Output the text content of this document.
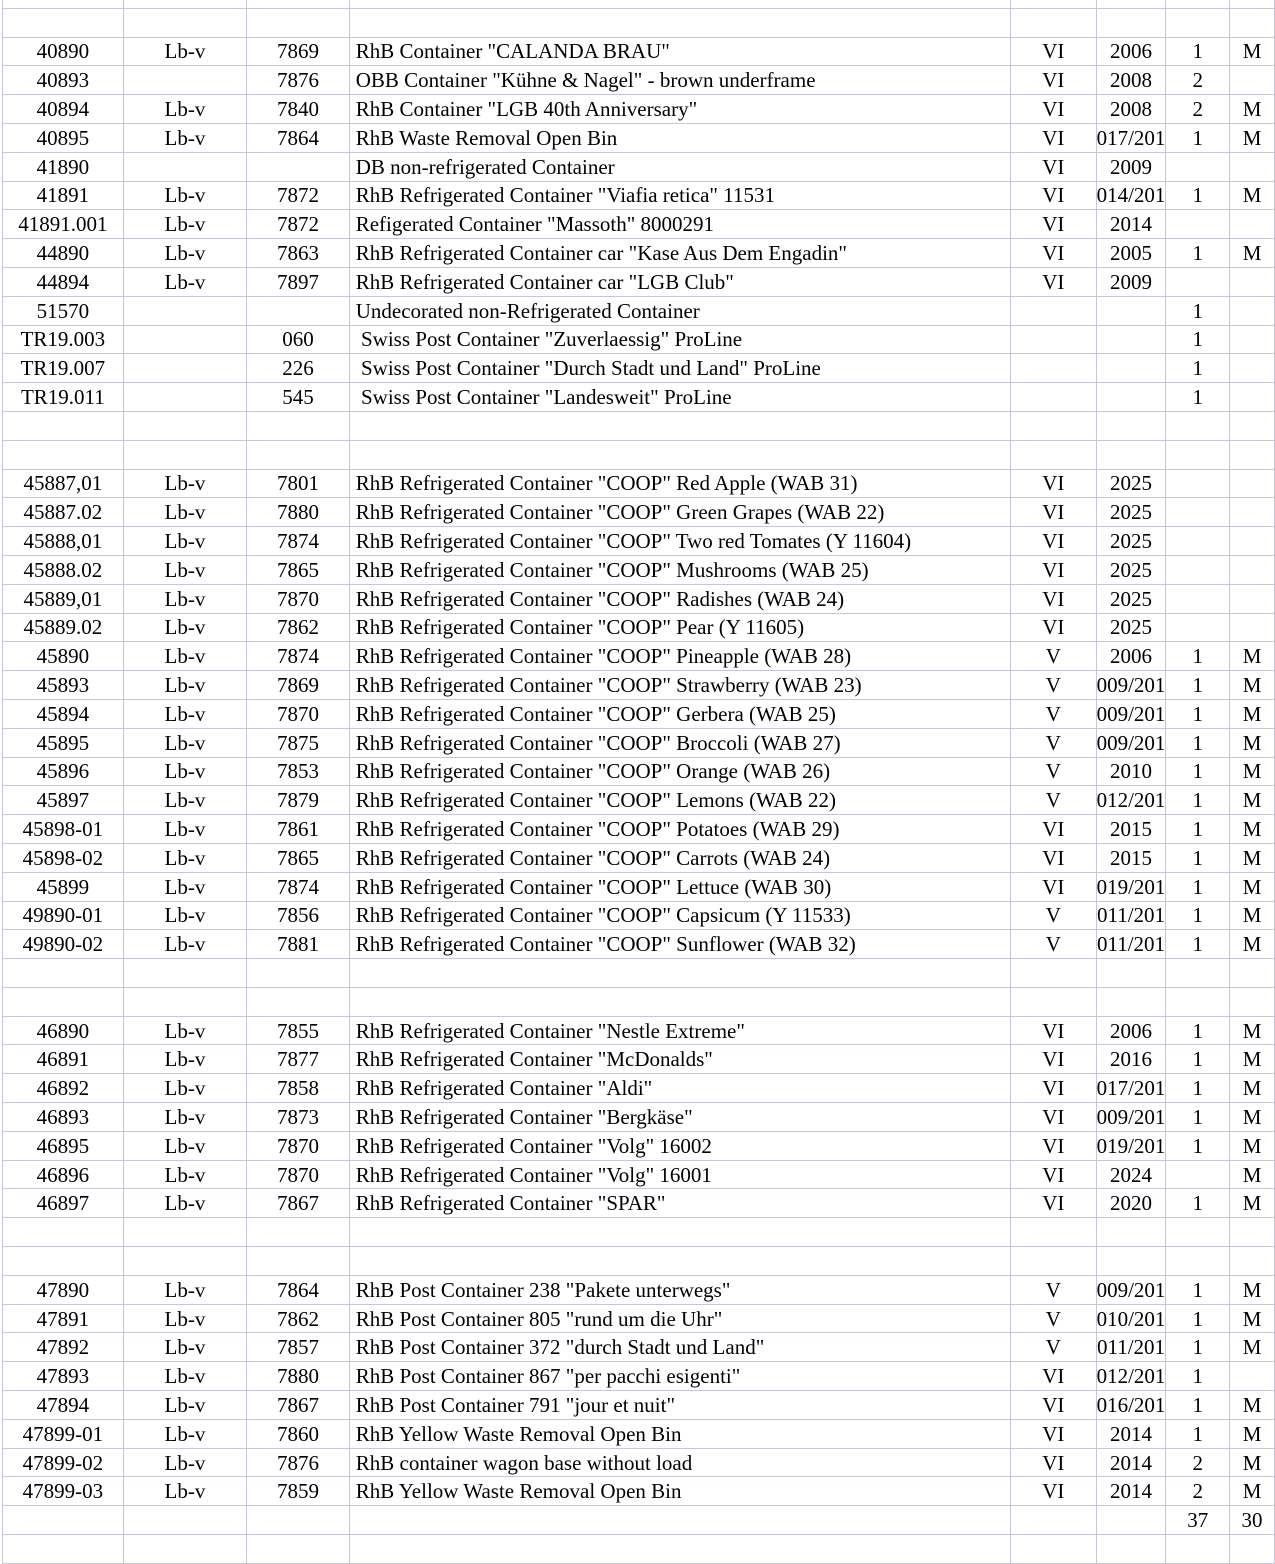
40890	Lb-v	7869	RhB Container "CALANDA BRAU"	VI	2006	1	M
40893		7876	OBB Container "Kühne & Nagel" - brown underframe	VI	2008	2	
40894	Lb-v	7840	RhB Container "LGB 40th Anniversary"	VI	2008	2	M
40895	Lb-v	7864	RhB Waste Removal Open Bin	VI	017/201	1	M
41890			DB non-refrigerated Container	VI	2009		
41891	Lb-v	7872	RhB Refrigerated Container "Viafia retica" 11531	VI	014/201	1	M
41891.001	Lb-v	7872	Refigerated Container "Massoth" 8000291	VI	2014		
44890	Lb-v	7863	RhB Refrigerated Container car "Kase Aus Dem Engadin"	VI	2005	1	M
44894	Lb-v	7897	RhB Refrigerated Container car "LGB Club"	VI	2009		
51570			Undecorated non-Refrigerated Container			1	
TR19.003		060	Swiss Post Container "Zuverlaessig" ProLine			1	
TR19.007		226	Swiss Post Container "Durch Stadt und Land" ProLine			1	
TR19.011		545	Swiss Post Container "Landesweit" ProLine			1	

45887,01	Lb-v	7801	RhB Refrigerated Container "COOP" Red Apple (WAB 31)	VI	2025		
45887.02	Lb-v	7880	RhB Refrigerated Container "COOP" Green Grapes (WAB 22)	VI	2025		
45888,01	Lb-v	7874	RhB Refrigerated Container "COOP" Two red Tomates (Y 11604)	VI	2025		
45888.02	Lb-v	7865	RhB Refrigerated Container "COOP" Mushrooms (WAB 25)	VI	2025		
45889,01	Lb-v	7870	RhB Refrigerated Container "COOP" Radishes (WAB 24)	VI	2025		
45889.02	Lb-v	7862	RhB Refrigerated Container "COOP" Pear (Y 11605)	VI	2025		
45890	Lb-v	7874	RhB Refrigerated Container "COOP" Pineapple (WAB 28)	V	2006	1	M
45893	Lb-v	7869	RhB Refrigerated Container "COOP" Strawberry (WAB 23)	V	009/201	1	M
45894	Lb-v	7870	RhB Refrigerated Container "COOP" Gerbera (WAB 25)	V	009/201	1	M
45895	Lb-v	7875	RhB Refrigerated Container "COOP" Broccoli (WAB 27)	V	009/201	1	M
45896	Lb-v	7853	RhB Refrigerated Container "COOP" Orange (WAB 26)	V	2010	1	M
45897	Lb-v	7879	RhB Refrigerated Container "COOP" Lemons (WAB 22)	V	012/201	1	M
45898-01	Lb-v	7861	RhB Refrigerated Container "COOP" Potatoes (WAB 29)	VI	2015	1	M
45898-02	Lb-v	7865	RhB Refrigerated Container "COOP" Carrots (WAB 24)	VI	2015	1	M
45899	Lb-v	7874	RhB Refrigerated Container "COOP" Lettuce (WAB 30)	VI	019/201	1	M
49890-01	Lb-v	7856	RhB Refrigerated Container "COOP" Capsicum (Y 11533)	V	011/201	1	M
49890-02	Lb-v	7881	RhB Refrigerated Container "COOP" Sunflower (WAB 32)	V	011/201	1	M

46890	Lb-v	7855	RhB Refrigerated Container "Nestle Extreme"	VI	2006	1	M
46891	Lb-v	7877	RhB Refrigerated Container "McDonalds"	VI	2016	1	M
46892	Lb-v	7858	RhB Refrigerated Container "Aldi"	VI	017/201	1	M
46893	Lb-v	7873	RhB Refrigerated Container "Bergkäse"	VI	009/201	1	M
46895	Lb-v	7870	RhB Refrigerated Container "Volg" 16002	VI	019/201	1	M
46896	Lb-v	7870	RhB Refrigerated Container "Volg" 16001	VI	2024		M
46897	Lb-v	7867	RhB Refrigerated Container "SPAR"	VI	2020	1	M

47890	Lb-v	7864	RhB Post Container 238 "Pakete unterwegs"	V	009/201	1	M
47891	Lb-v	7862	RhB Post Container 805 "rund um die Uhr"	V	010/201	1	M
47892	Lb-v	7857	RhB Post Container 372 "durch Stadt und Land"	V	011/201	1	M
47893	Lb-v	7880	RhB Post Container 867 "per pacchi esigenti"	VI	012/201	1	
47894	Lb-v	7867	RhB Post Container 791 "jour et nuit"	VI	016/201	1	M
47899-01	Lb-v	7860	RhB Yellow Waste Removal Open Bin	VI	2014	1	M
47899-02	Lb-v	7876	RhB container wagon base without load	VI	2014	2	M
47899-03	Lb-v	7859	RhB Yellow Waste Removal Open Bin	VI	2014	2	M
						37	30
